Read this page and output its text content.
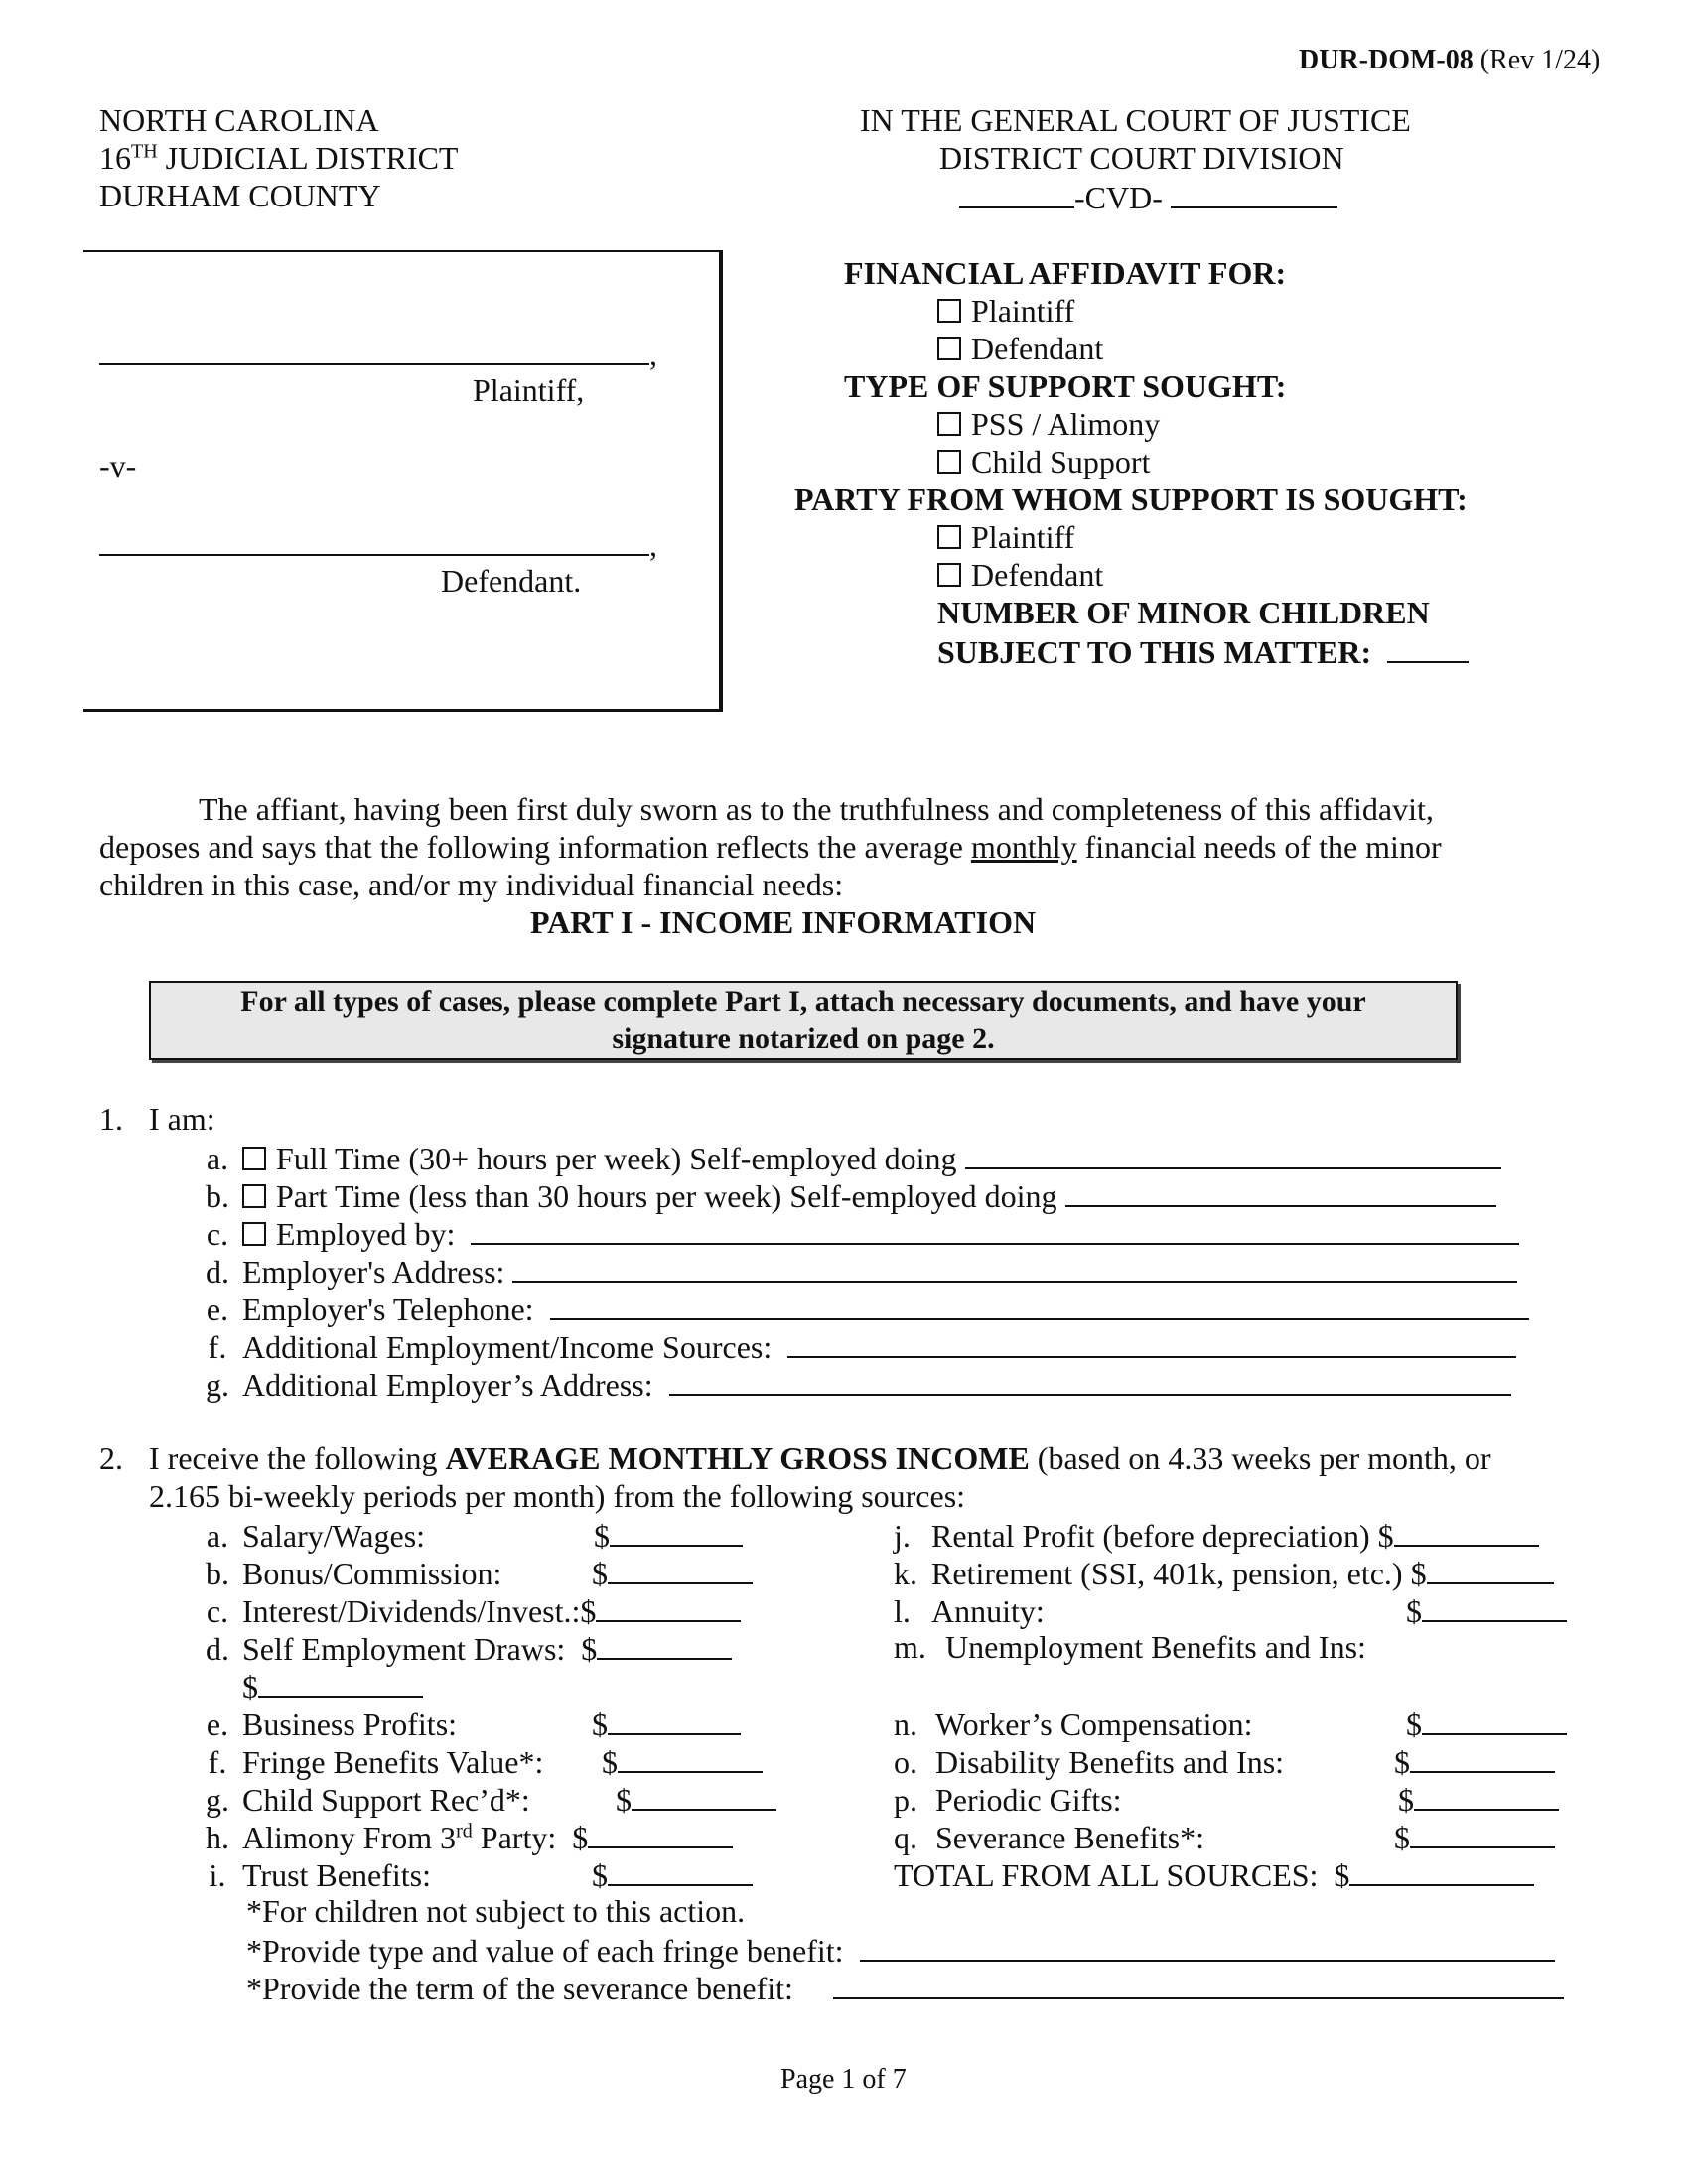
DUR-DOM-08 (Rev 1/24)
NORTH CAROLINA
16TH JUDICIAL DISTRICT
DURHAM COUNTY
IN THE GENERAL COURT OF JUSTICE
DISTRICT COURT DIVISION
-CVD-
,
Plaintiff,
-v-
,
Defendant.
FINANCIAL AFFIDAVIT FOR:
Plaintiff
Defendant
TYPE OF SUPPORT SOUGHT:
PSS / Alimony
Child Support
PARTY FROM WHOM SUPPORT IS SOUGHT:
Plaintiff
Defendant
NUMBER OF MINOR CHILDREN
SUBJECT TO THIS MATTER:
The affiant, having been first duly sworn as to the truthfulness and completeness of this affidavit,
deposes and says that the following information reflects the average monthly financial needs of the minor
children in this case, and/or my individual financial needs:
PART I - INCOME INFORMATION
For all types of cases, please complete Part I, attach necessary documents, and have your
signature notarized on page 2.
1. I am:
a. Full Time (30+ hours per week) Self-employed doing
b. Part Time (less than 30 hours per week) Self-employed doing
c. Employed by:
d. Employer's Address:
e. Employer's Telephone:
f. Additional Employment/Income Sources:
g. Additional Employer’s Address:
2. I receive the following AVERAGE MONTHLY GROSS INCOME (based on 4.33 weeks per month, or
2.165 bi-weekly periods per month) from the following sources:
a. Salary/Wages:	$
b. Bonus/Commission:	$
c. Interest/Dividends/Invest.:$
d. Self Employment Draws: $
$
e. Business Profits:	$
f. Fringe Benefits Value*: $
g. Child Support Rec’d*:	$
h. Alimony From 3rd Party: $
i. Trust Benefits:	$
j. Rental Profit (before depreciation) $
k. Retirement (SSI, 401k, pension, etc.) $
l. Annuity:	$
m. Unemployment Benefits and Ins:
n. Worker’s Compensation:	$
o. Disability Benefits and Ins:	$
p. Periodic Gifts:	$
q. Severance Benefits*:	$
TOTAL FROM ALL SOURCES: $
*For children not subject to this action.
*Provide type and value of each fringe benefit:
*Provide the term of the severance benefit:
Page 1 of 7
